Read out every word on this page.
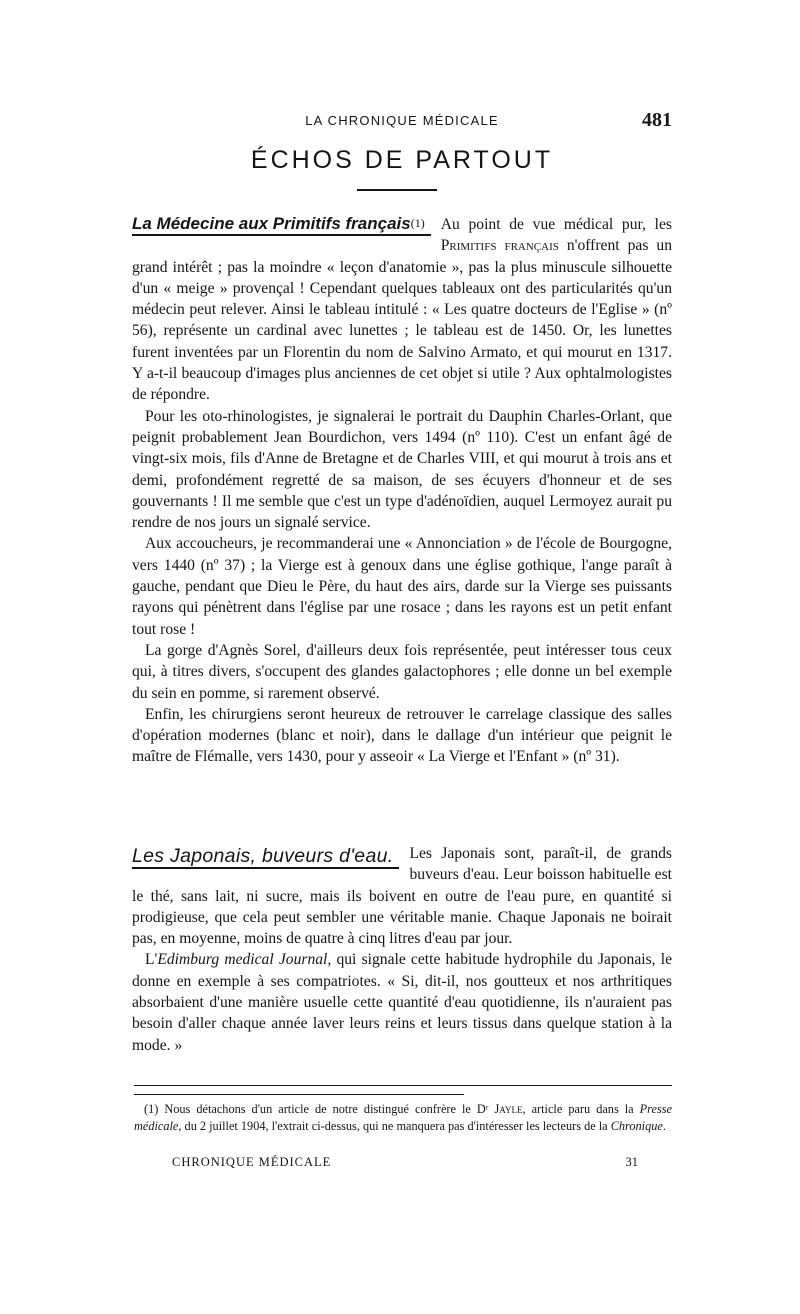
LA CHRONIQUE MÉDICALE	481
ÉCHOS DE PARTOUT

La Médecine aux Primitifs français$^{(1)}$	Au point de vue médical pur, les Primitifs français n'offrent pas un grand intérêt ; pas la moindre « leçon d'anatomie », pas la plus minuscule silhouette d'un « meige » provençal ! Cependant quelques tableaux ont des particularités qu'un médecin peut relever. Ainsi le tableau intitulé : « Les quatre docteurs de l'Eglise » (nº 56), représente un cardinal avec lunettes ; le tableau est de 1450. Or, les lunettes furent inventées par un Florentin du nom de Salvino Armato, et qui mourut en 1317. Y a-t-il beaucoup d'images plus anciennes de cet objet si utile ? Aux ophtalmologistes de répondre.

Pour les oto-rhinologistes, je signalerai le portrait du Dauphin Charles-Orlant, que peignit probablement Jean Bourdichon, vers 1494 (nº 110). C'est un enfant âgé de vingt-six mois, fils d'Anne de Bretagne et de Charles VIII, et qui mourut à trois ans et demi, profondément regretté de sa maison, de ses écuyers d'honneur et de ses gouvernants ! Il me semble que c'est un type d'adénoïdien, auquel Lermoyez aurait pu rendre de nos jours un signalé service.

Aux accoucheurs, je recommanderai une « Annonciation » de l'école de Bourgogne, vers 1440 (nº 37) ; la Vierge est à genoux dans une église gothique, l'ange paraît à gauche, pendant que Dieu le Père, du haut des airs, darde sur la Vierge ses puissants rayons qui pénètrent dans l'église par une rosace ; dans les rayons est un petit enfant tout rose !

La gorge d'Agnès Sorel, d'ailleurs deux fois représentée, peut intéresser tous ceux qui, à titres divers, s'occupent des glandes galactophores ; elle donne un bel exemple du sein en pomme, si rarement observé.

Enfin, les chirurgiens seront heureux de retrouver le carrelage classique des salles d'opération modernes (blanc et noir), dans le dallage d'un intérieur que peignit le maître de Flémalle, vers 1430, pour y asseoir « La Vierge et l'Enfant » (nº 31).

Les Japonais, buveurs d'eau.	Les Japonais sont, paraît-il, de grands buveurs d'eau. Leur boisson habituelle est le thé, sans lait, ni sucre, mais ils boivent en outre de l'eau pure, en quantité si prodigieuse, que cela peut sembler une véritable manie. Chaque Japonais ne boirait pas, en moyenne, moins de quatre à cinq litres d'eau par jour.

L'Edimburg medical Journal, qui signale cette habitude hydrophile du Japonais, le donne en exemple à ses compatriotes. « Si, dit-il, nos goutteux et nos arthritiques absorbaient d'une manière usuelle cette quantité d'eau quotidienne, ils n'auraient pas besoin d'aller chaque année laver leurs reins et leurs tissus dans quelque station à la mode. »

(1) Nous détachons d'un article de notre distingué confrère le Dʳ Jayle, article paru dans la Presse médicale, du 2 juillet 1904, l'extrait ci-dessus, qui ne manquera pas d'intéresser les lecteurs de la Chronique.

CHRONIQUE MÉDICALE	31
